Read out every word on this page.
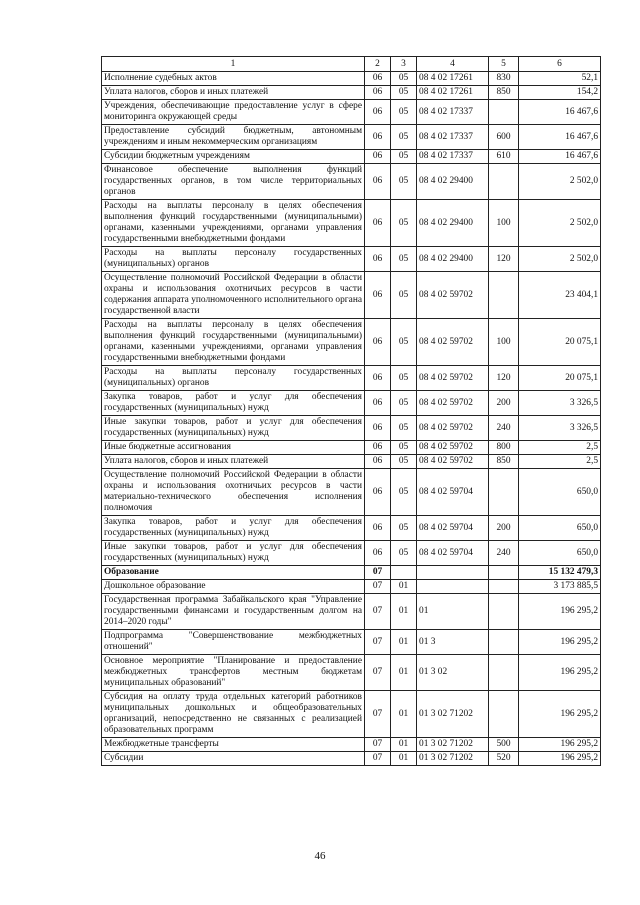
1	2	3	4	5	6
Исполнение судебных актов	06	05	08 4 02 17261	830	52,1
Уплата налогов, сборов и иных платежей	06	05	08 4 02 17261	850	154,2
Учреждения, обеспечивающие предоставление услуг в сфере мониторинга окружающей среды	06	05	08 4 02 17337		16 467,6
Предоставление субсидий бюджетным, автономным учреждениям и иным некоммерческим организациям	06	05	08 4 02 17337	600	16 467,6
Субсидии бюджетным учреждениям	06	05	08 4 02 17337	610	16 467,6
Финансовое обеспечение выполнения функций государственных органов, в том числе территориальных органов	06	05	08 4 02 29400		2 502,0
Расходы на выплаты персоналу в целях обеспечения выполнения функций государственными (муниципальными) органами, казенными учреждениями, органами управления государственными внебюджетными фондами	06	05	08 4 02 29400	100	2 502,0
Расходы на выплаты персоналу государственных (муниципальных) органов	06	05	08 4 02 29400	120	2 502,0
Осуществление полномочий Российской Федерации в области охраны и использования охотничьих ресурсов в части содержания аппарата уполномоченного исполнительного органа государственной власти	06	05	08 4 02 59702		23 404,1
Расходы на выплаты персоналу в целях обеспечения выполнения функций государственными (муниципальными) органами, казенными учреждениями, органами управления государственными внебюджетными фондами	06	05	08 4 02 59702	100	20 075,1
Расходы на выплаты персоналу государственных (муниципальных) органов	06	05	08 4 02 59702	120	20 075,1
Закупка товаров, работ и услуг для обеспечения государственных (муниципальных) нужд	06	05	08 4 02 59702	200	3 326,5
Иные закупки товаров, работ и услуг для обеспечения государственных (муниципальных) нужд	06	05	08 4 02 59702	240	3 326,5
Иные бюджетные ассигнования	06	05	08 4 02 59702	800	2,5
Уплата налогов, сборов и иных платежей	06	05	08 4 02 59702	850	2,5
Осуществление полномочий Российской Федерации в области охраны и использования охотничьих ресурсов в части материально-технического обеспечения исполнения полномочия	06	05	08 4 02 59704		650,0
Закупка товаров, работ и услуг для обеспечения государственных (муниципальных) нужд	06	05	08 4 02 59704	200	650,0
Иные закупки товаров, работ и услуг для обеспечения государственных (муниципальных) нужд	06	05	08 4 02 59704	240	650,0
Образование	07				15 132 479,3
Дошкольное образование	07	01			3 173 885,5
Государственная программа Забайкальского края "Управление государственными финансами и государственным долгом на 2014–2020 годы"	07	01	01		196 295,2
Подпрограмма "Совершенствование межбюджетных отношений"	07	01	01 3		196 295,2
Основное мероприятие "Планирование и предоставление межбюджетных трансфертов местным бюджетам муниципальных образований"	07	01	01 3 02		196 295,2
Субсидия на оплату труда отдельных категорий работников муниципальных дошкольных и общеобразовательных организаций, непосредственно не связанных с реализацией образовательных программ	07	01	01 3 02 71202		196 295,2
Межбюджетные трансферты	07	01	01 3 02 71202	500	196 295,2
Субсидии	07	01	01 3 02 71202	520	196 295,2
46
